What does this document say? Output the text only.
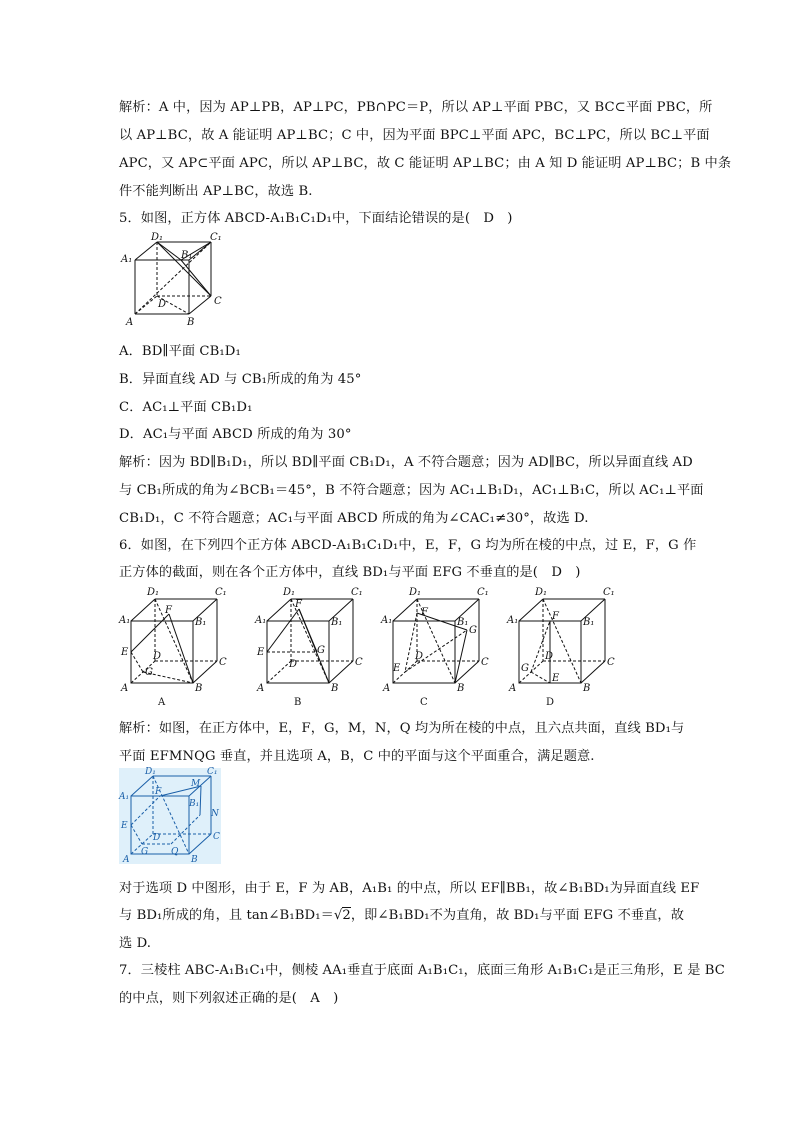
解析：A 中，因为 AP⊥PB，AP⊥PC，PB∩PC＝P，所以 AP⊥平面 PBC，又 BC⊂平面 PBC，所
以 AP⊥BC，故 A 能证明 AP⊥BC；C 中，因为平面 BPC⊥平面 APC，BC⊥PC，所以 BC⊥平面
APC，又 AP⊂平面 APC，所以 AP⊥BC，故 C 能证明 AP⊥BC；由 A 知 D 能证明 AP⊥BC；B 中条
件不能判断出 AP⊥BC，故选 B.
5．如图，正方体 ABCD-A₁B₁C₁D₁中，下面结论错误的是(　D　)
D₁	C₁
A₁	B₁
D	C
A	B
A．BD∥平面 CB₁D₁
B．异面直线 AD 与 CB₁所成的角为 45°
C．AC₁⊥平面 CB₁D₁
D．AC₁与平面 ABCD 所成的角为 30°
解析：因为 BD∥B₁D₁，所以 BD∥平面 CB₁D₁，A 不符合题意；因为 AD∥BC，所以异面直线 AD
与 CB₁所成的角为∠BCB₁＝45°，B 不符合题意；因为 AC₁⊥B₁D₁，AC₁⊥B₁C，所以 AC₁⊥平面
CB₁D₁，C 不符合题意；AC₁与平面 ABCD 所成的角为∠CAC₁≠30°，故选 D.
6．如图，在下列四个正方体 ABCD-A₁B₁C₁D₁中，E，F，G 均为所在棱的中点，过 E，F，G 作
正方体的截面，则在各个正方体中，直线 BD₁与平面 EFG 不垂直的是(　D　)
D₁	C₁
A₁	B₁
F
E D
C
G
A	B
A
D₁	C₁
A₁	B₁
F
E
D	C
G
A	B
B
D₁	C₁
A₁	B₁
F
G
D
C
E
A	B
C
D₁	C₁
A₁	B₁
F
E
D
C
G
A	B
D
解析：如图，在正方体中，E，F，G，M，N，Q 均为所在棱的中点，且六点共面，直线 BD₁与
平面 EFMNQG 垂直，并且选项 A，B，C 中的平面与这个平面重合，满足题意.
D₁	C₁
A₁
M
F
B₁
N
E
D	C
A
G	Q
B
对于选项 D 中图形，由于 E，F 为 AB，A₁B₁ 的中点，所以 EF∥BB₁，故∠B₁BD₁为异面直线 EF
与 BD₁所成的角，且 tan∠B₁BD₁＝√2，即∠B₁BD₁不为直角，故 BD₁与平面 EFG 不垂直，故
选 D.
7．三棱柱 ABC-A₁B₁C₁中，侧棱 AA₁垂直于底面 A₁B₁C₁，底面三角形 A₁B₁C₁是正三角形，E 是 BC
的中点，则下列叙述正确的是(　A　)
